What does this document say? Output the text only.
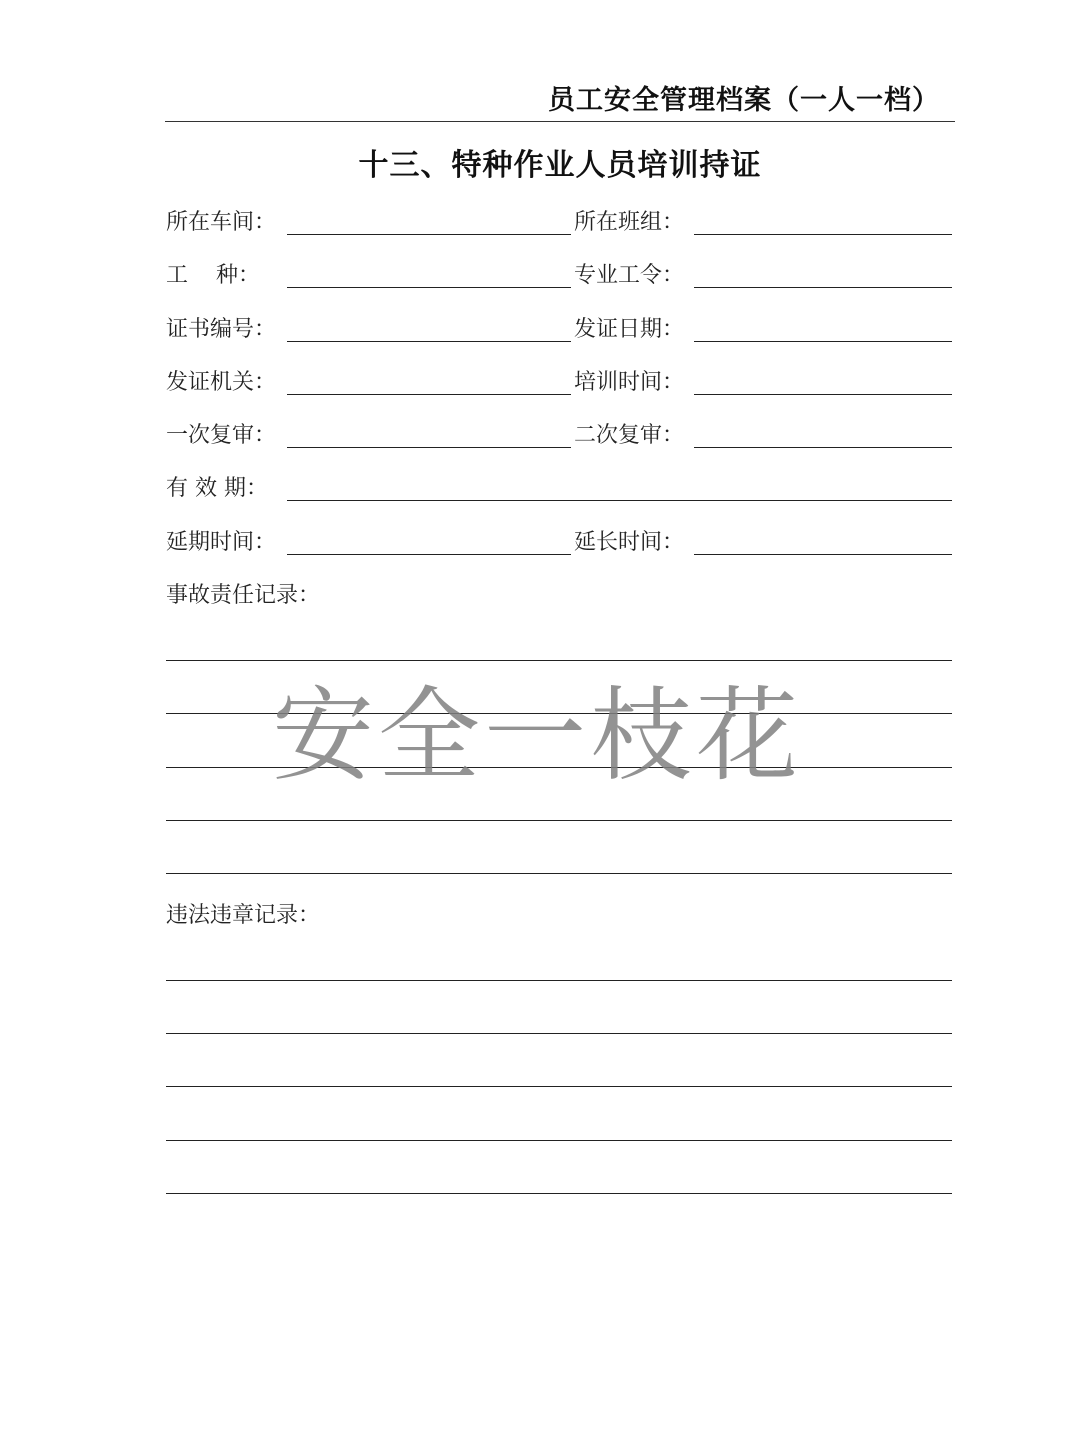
员工安全管理档案（一人一档）
十三、特种作业人员培训持证
所在车间：	所在班组：
工    种：	专业工令：
证书编号：	发证日期：
发证机关：	培训时间：
一次复审：	二次复审：
有 效 期：
延期时间：	延长时间：
事故责任记录：
违法违章记录：
安全一枝花
